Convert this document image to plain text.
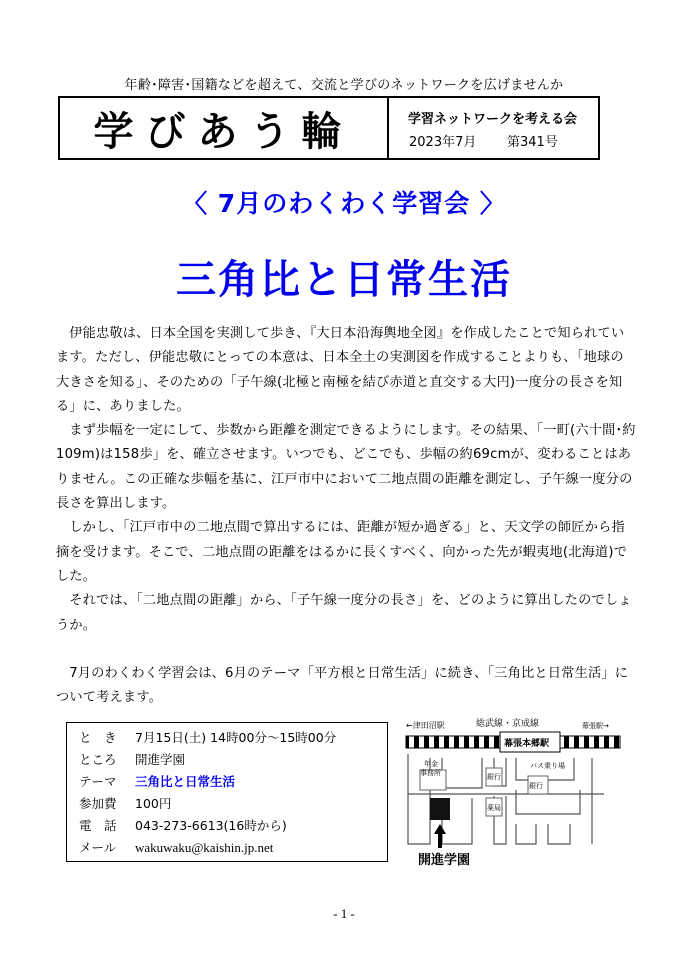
年齢･障害･国籍などを超えて、交流と学びのネットワークを広げませんか
学びあう輪	学習ネットワークを考える会
2023年7月 第341号
〈 7月のわくわく学習会 〉
三角比と日常生活

伊能忠敬は、日本全国を実測して歩き、『大日本沿海輿地全図』を作成したことで知られています。ただし、伊能忠敬にとっての本意は、日本全土の実測図を作成することよりも、「地球の大きさを知る」、そのための「子午線(北極と南極を結び赤道と直交する大円)一度分の長さを知る」に、ありました。

まず歩幅を一定にして、歩数から距離を測定できるようにします。その結果、「一町(六十間･約109m)は158歩」を、確立させます。いつでも、どこでも、歩幅の約69cmが、変わることはありません。この正確な歩幅を基に、江戸市中において二地点間の距離を測定し、子午線一度分の長さを算出します。

しかし、「江戸市中の二地点間で算出するには、距離が短か過ぎる」と、天文学の師匠から指摘を受けます。そこで、二地点間の距離をはるかに長くすべく、向かった先が蝦夷地(北海道)でした。

それでは、「二地点間の距離」から、「子午線一度分の長さ」を、どのように算出したのでしょうか。

7月のわくわく学習会は、6月のテーマ「平方根と日常生活」に続き、「三角比と日常生活」について考えます。

と　き	7月15日(土) 14時00分～15時00分
ところ	開進学園
テーマ	三角比と日常生活
参加費	100円
電　話	043-273-6613(16時から)
メール	wakuwaku@kaishin.jp.net
←津田沼駅	総武線・京成線	幕張駅→
幕張本郷駅
年金事務所	銀行
バス乗り場
銀行
薬局
開進学園
- 1 -
